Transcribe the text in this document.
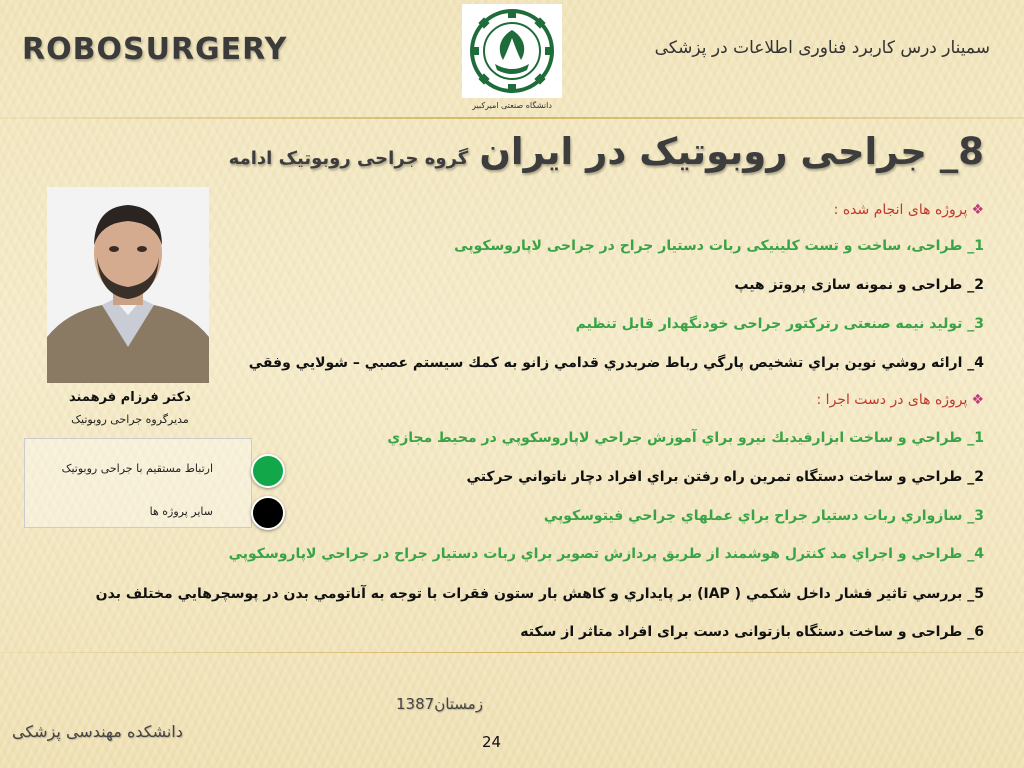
ROBOSURGERY	سمینار درس کاربرد فناوری اطلاعات در پزشکی
دانشگاه صنعتی امیرکبیر
8_ جراحی روبوتیک در ایران گروه جراحی روبوتیک ادامه
دکتر فرزام فرهمند
مدیرگروه جراحی روبوتیک
ارتباط مستقیم با جراحی روبوتیک
سایر پروژه ها
❖پروژه های انجام شده :
1_ طراحی، ساخت و تست کلینیکی ربات دستیار جراح در جراحی لاپاروسکوپی
2_ طراحی و نمونه سازی پروتز هیپ
3_ تولید نیمه صنعتی رترکتور جراحی خودنگهدار قابل تنظیم
4_ ارائه روشي نوین براي تشخیص پارگي رباط ضربدري قدامي زانو به كمك سیستم عصبي – شولایي وفقي
❖پروژه های در دست اجرا :
1_ طراحي و ساخت ابزارفیدبك نیرو براي آموزش جراحي لاپاروسكوپي در محیط مجازي
2_ طراحي و ساخت دستگاه تمرين راه رفتن براي افراد دچار ناتواني حركتي
3_ سازواري ربات دستیار جراح براي عملهاي جراحي فیتوسكوپي
4_ طراحي و اجراي مد كنترل هوشمند از طريق پردازش تصوير براي ربات دستيار جراح در جراحي لاپاروسكوپي
5_ بررسي تاثير فشار داخل شكمي ( IAP) بر پايداري و كاهش بار ستون فقرات با توجه به آناتومي بدن در پوسچرهايي مختلف بدن
6_ طراحی و ساخت دستگاه بازتوانی دست برای افراد متاثر از سکته
زمستان1387
دانشکده مهندسی پزشکی
24
